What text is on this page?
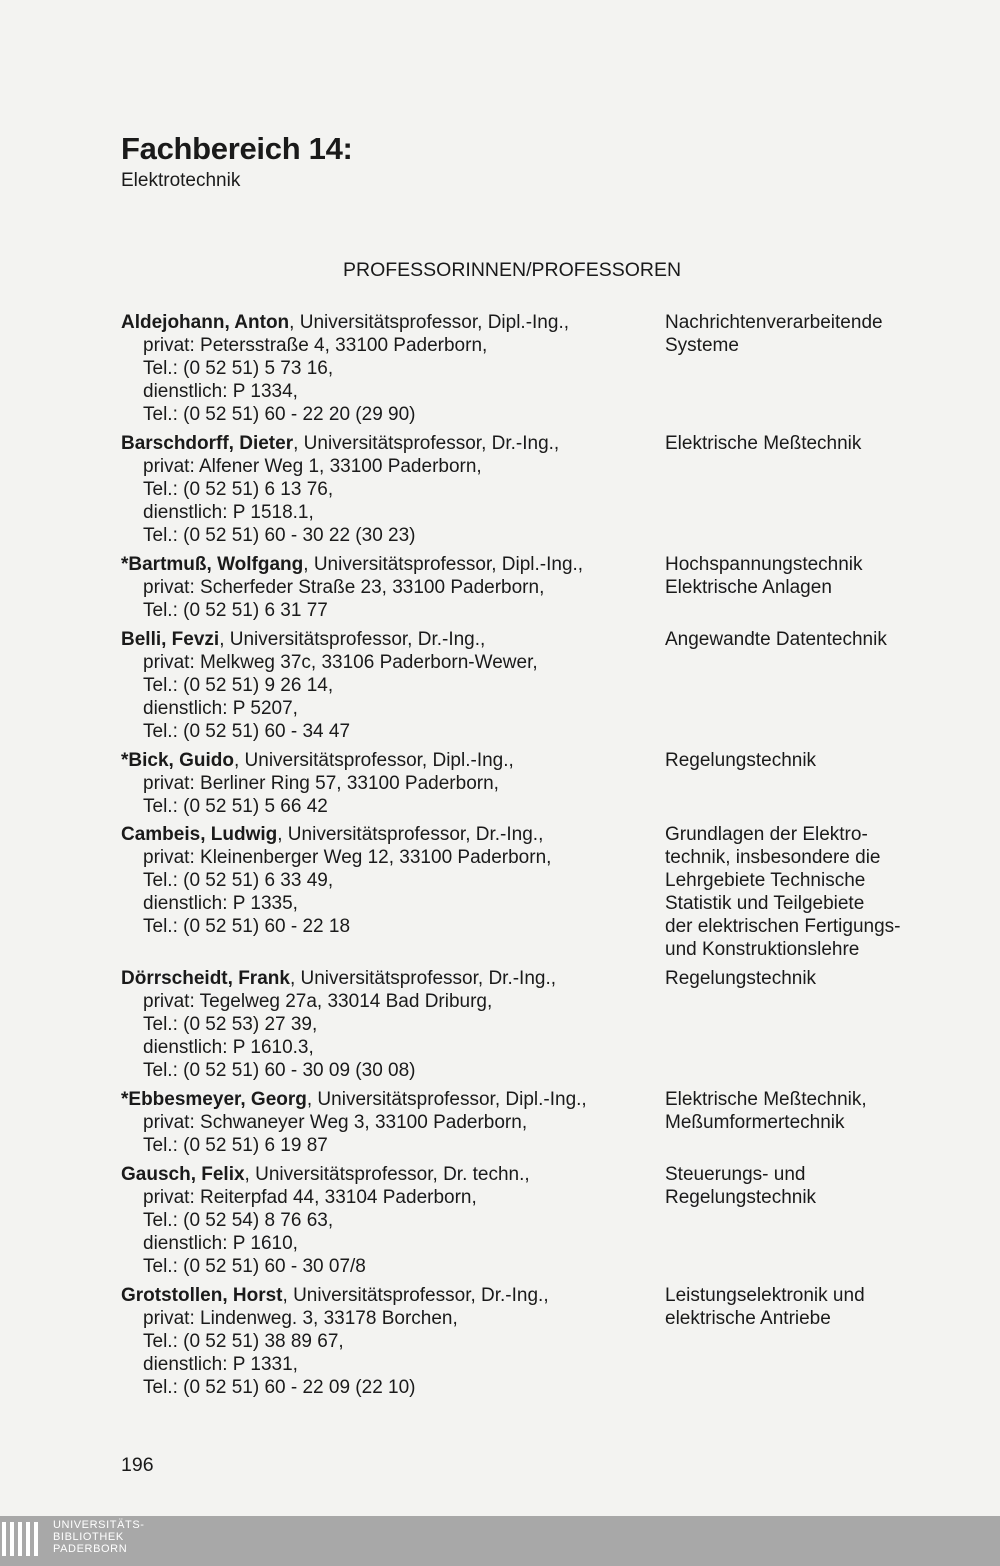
Fachbereich 14:
Elektrotechnik
PROFESSORINNEN/PROFESSOREN
Aldejohann, Anton, Universitätsprofessor, Dipl.-Ing.,
privat: Petersstraße 4, 33100 Paderborn,
Tel.: (0 52 51) 5 73 16,
dienstlich: P 1334,
Tel.: (0 52 51) 60 - 22 20 (29 90)
Nachrichtenverarbeitende
Systeme
Barschdorff, Dieter, Universitätsprofessor, Dr.-Ing.,
privat: Alfener Weg 1, 33100 Paderborn,
Tel.: (0 52 51) 6 13 76,
dienstlich: P 1518.1,
Tel.: (0 52 51) 60 - 30 22 (30 23)
Elektrische Meßtechnik
*Bartmuß, Wolfgang, Universitätsprofessor, Dipl.-Ing.,
privat: Scherfeder Straße 23, 33100 Paderborn,
Tel.: (0 52 51) 6 31 77
Hochspannungstechnik
Elektrische Anlagen
Belli, Fevzi, Universitätsprofessor, Dr.-Ing.,
privat: Melkweg 37c, 33106 Paderborn-Wewer,
Tel.: (0 52 51) 9 26 14,
dienstlich: P 5207,
Tel.: (0 52 51) 60 - 34 47
Angewandte Datentechnik
*Bick, Guido, Universitätsprofessor, Dipl.-Ing.,
privat: Berliner Ring 57, 33100 Paderborn,
Tel.: (0 52 51) 5 66 42
Regelungstechnik
Cambeis, Ludwig, Universitätsprofessor, Dr.-Ing.,
privat: Kleinenberger Weg 12, 33100 Paderborn,
Tel.: (0 52 51) 6 33 49,
dienstlich: P 1335,
Tel.: (0 52 51) 60 - 22 18
Grundlagen der Elektro-
technik, insbesondere die
Lehrgebiete Technische
Statistik und Teilgebiete
der elektrischen Fertigungs-
und Konstruktionslehre
Dörrscheidt, Frank, Universitätsprofessor, Dr.-Ing.,
privat: Tegelweg 27a, 33014 Bad Driburg,
Tel.: (0 52 53) 27 39,
dienstlich: P 1610.3,
Tel.: (0 52 51) 60 - 30 09 (30 08)
Regelungstechnik
*Ebbesmeyer, Georg, Universitätsprofessor, Dipl.-Ing.,
privat: Schwaneyer Weg 3, 33100 Paderborn,
Tel.: (0 52 51) 6 19 87
Elektrische Meßtechnik,
Meßumformertechnik
Gausch, Felix, Universitätsprofessor, Dr. techn.,
privat: Reiterpfad 44, 33104 Paderborn,
Tel.: (0 52 54) 8 76 63,
dienstlich: P 1610,
Tel.: (0 52 51) 60 - 30 07/8
Steuerungs- und
Regelungstechnik
Grotstollen, Horst, Universitätsprofessor, Dr.-Ing.,
privat: Lindenweg. 3, 33178 Borchen,
Tel.: (0 52 51) 38 89 67,
dienstlich: P 1331,
Tel.: (0 52 51) 60 - 22 09 (22 10)
Leistungselektronik und
elektrische Antriebe
196
UNIVERSITÄTS-
BIBLIOTHEK
PADERBORN
